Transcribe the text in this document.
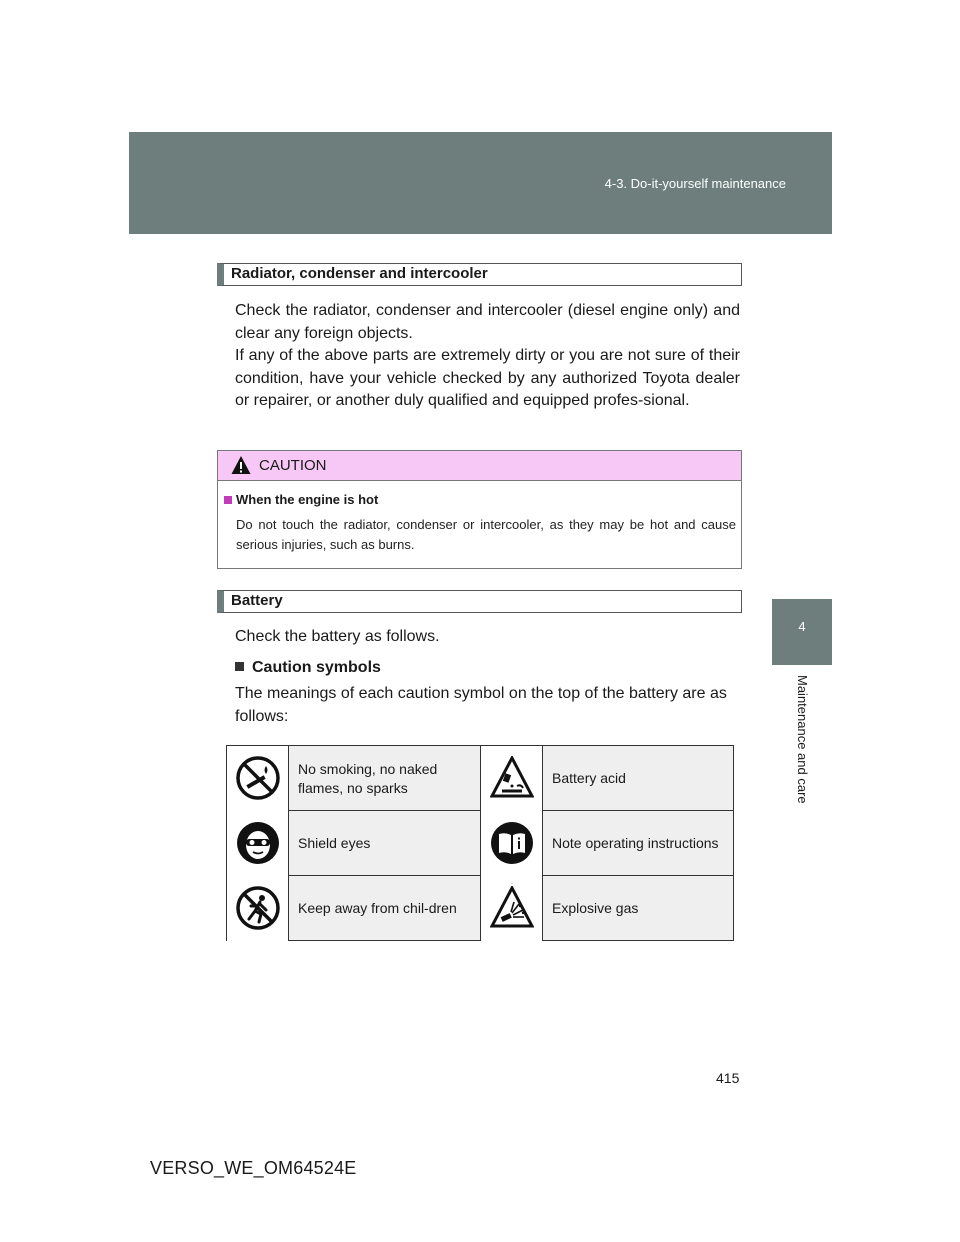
4-3. Do-it-yourself maintenance
4
Maintenance and care
Radiator, condenser and intercooler
Check the radiator, condenser and intercooler (diesel engine only) and clear any foreign objects.
If any of the above parts are extremely dirty or you are not sure of their condition, have your vehicle checked by any authorized Toyota dealer or repairer, or another duly qualified and equipped profes-sional.
CAUTION
When the engine is hot
Do not touch the radiator, condenser or intercooler, as they may be hot and cause serious injuries, such as burns.
Battery
Check the battery as follows.
Caution symbols
The meanings of each caution symbol on the top of the battery are as follows:
No smoking, no naked flames, no sparks
Battery acid
Shield eyes	Note operating instructions
Keep away from chil-dren	Explosive gas
415
VERSO_WE_OM64524E
